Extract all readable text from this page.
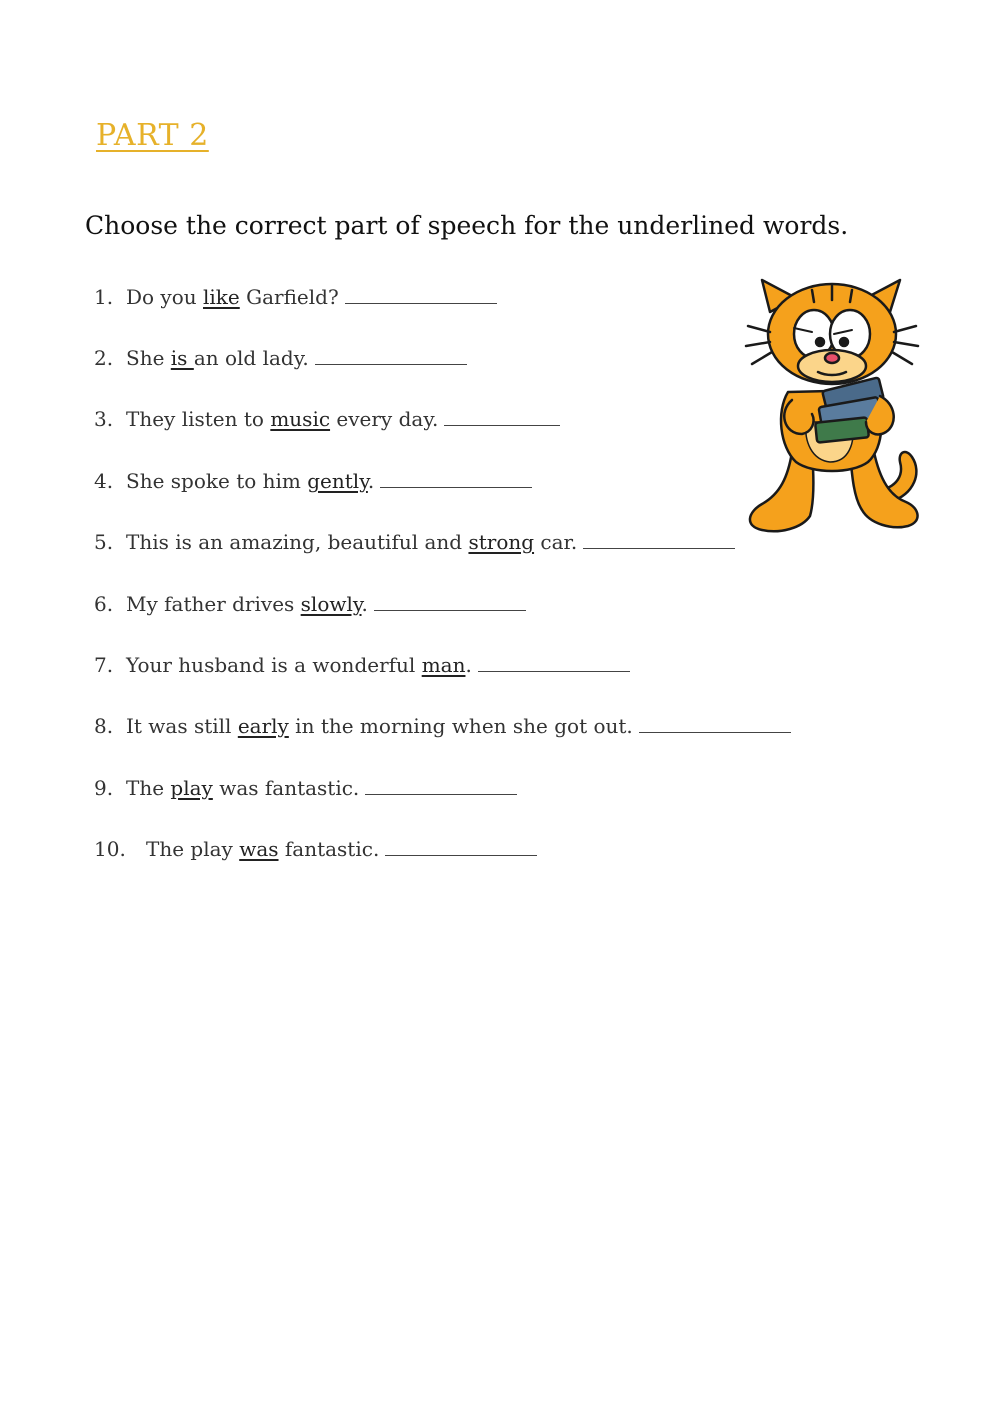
PART 2
Choose the correct part of speech for the underlined words.
1. Do you like Garfield?
2. She is an old lady.
3. They listen to music every day.
4. She spoke to him gently.
5. This is an amazing, beautiful and strong car.
6. My father drives slowly.
7. Your husband is a wonderful man.
8. It was still early in the morning when she got out.
9. The play was fantastic.
10. The play was fantastic.
